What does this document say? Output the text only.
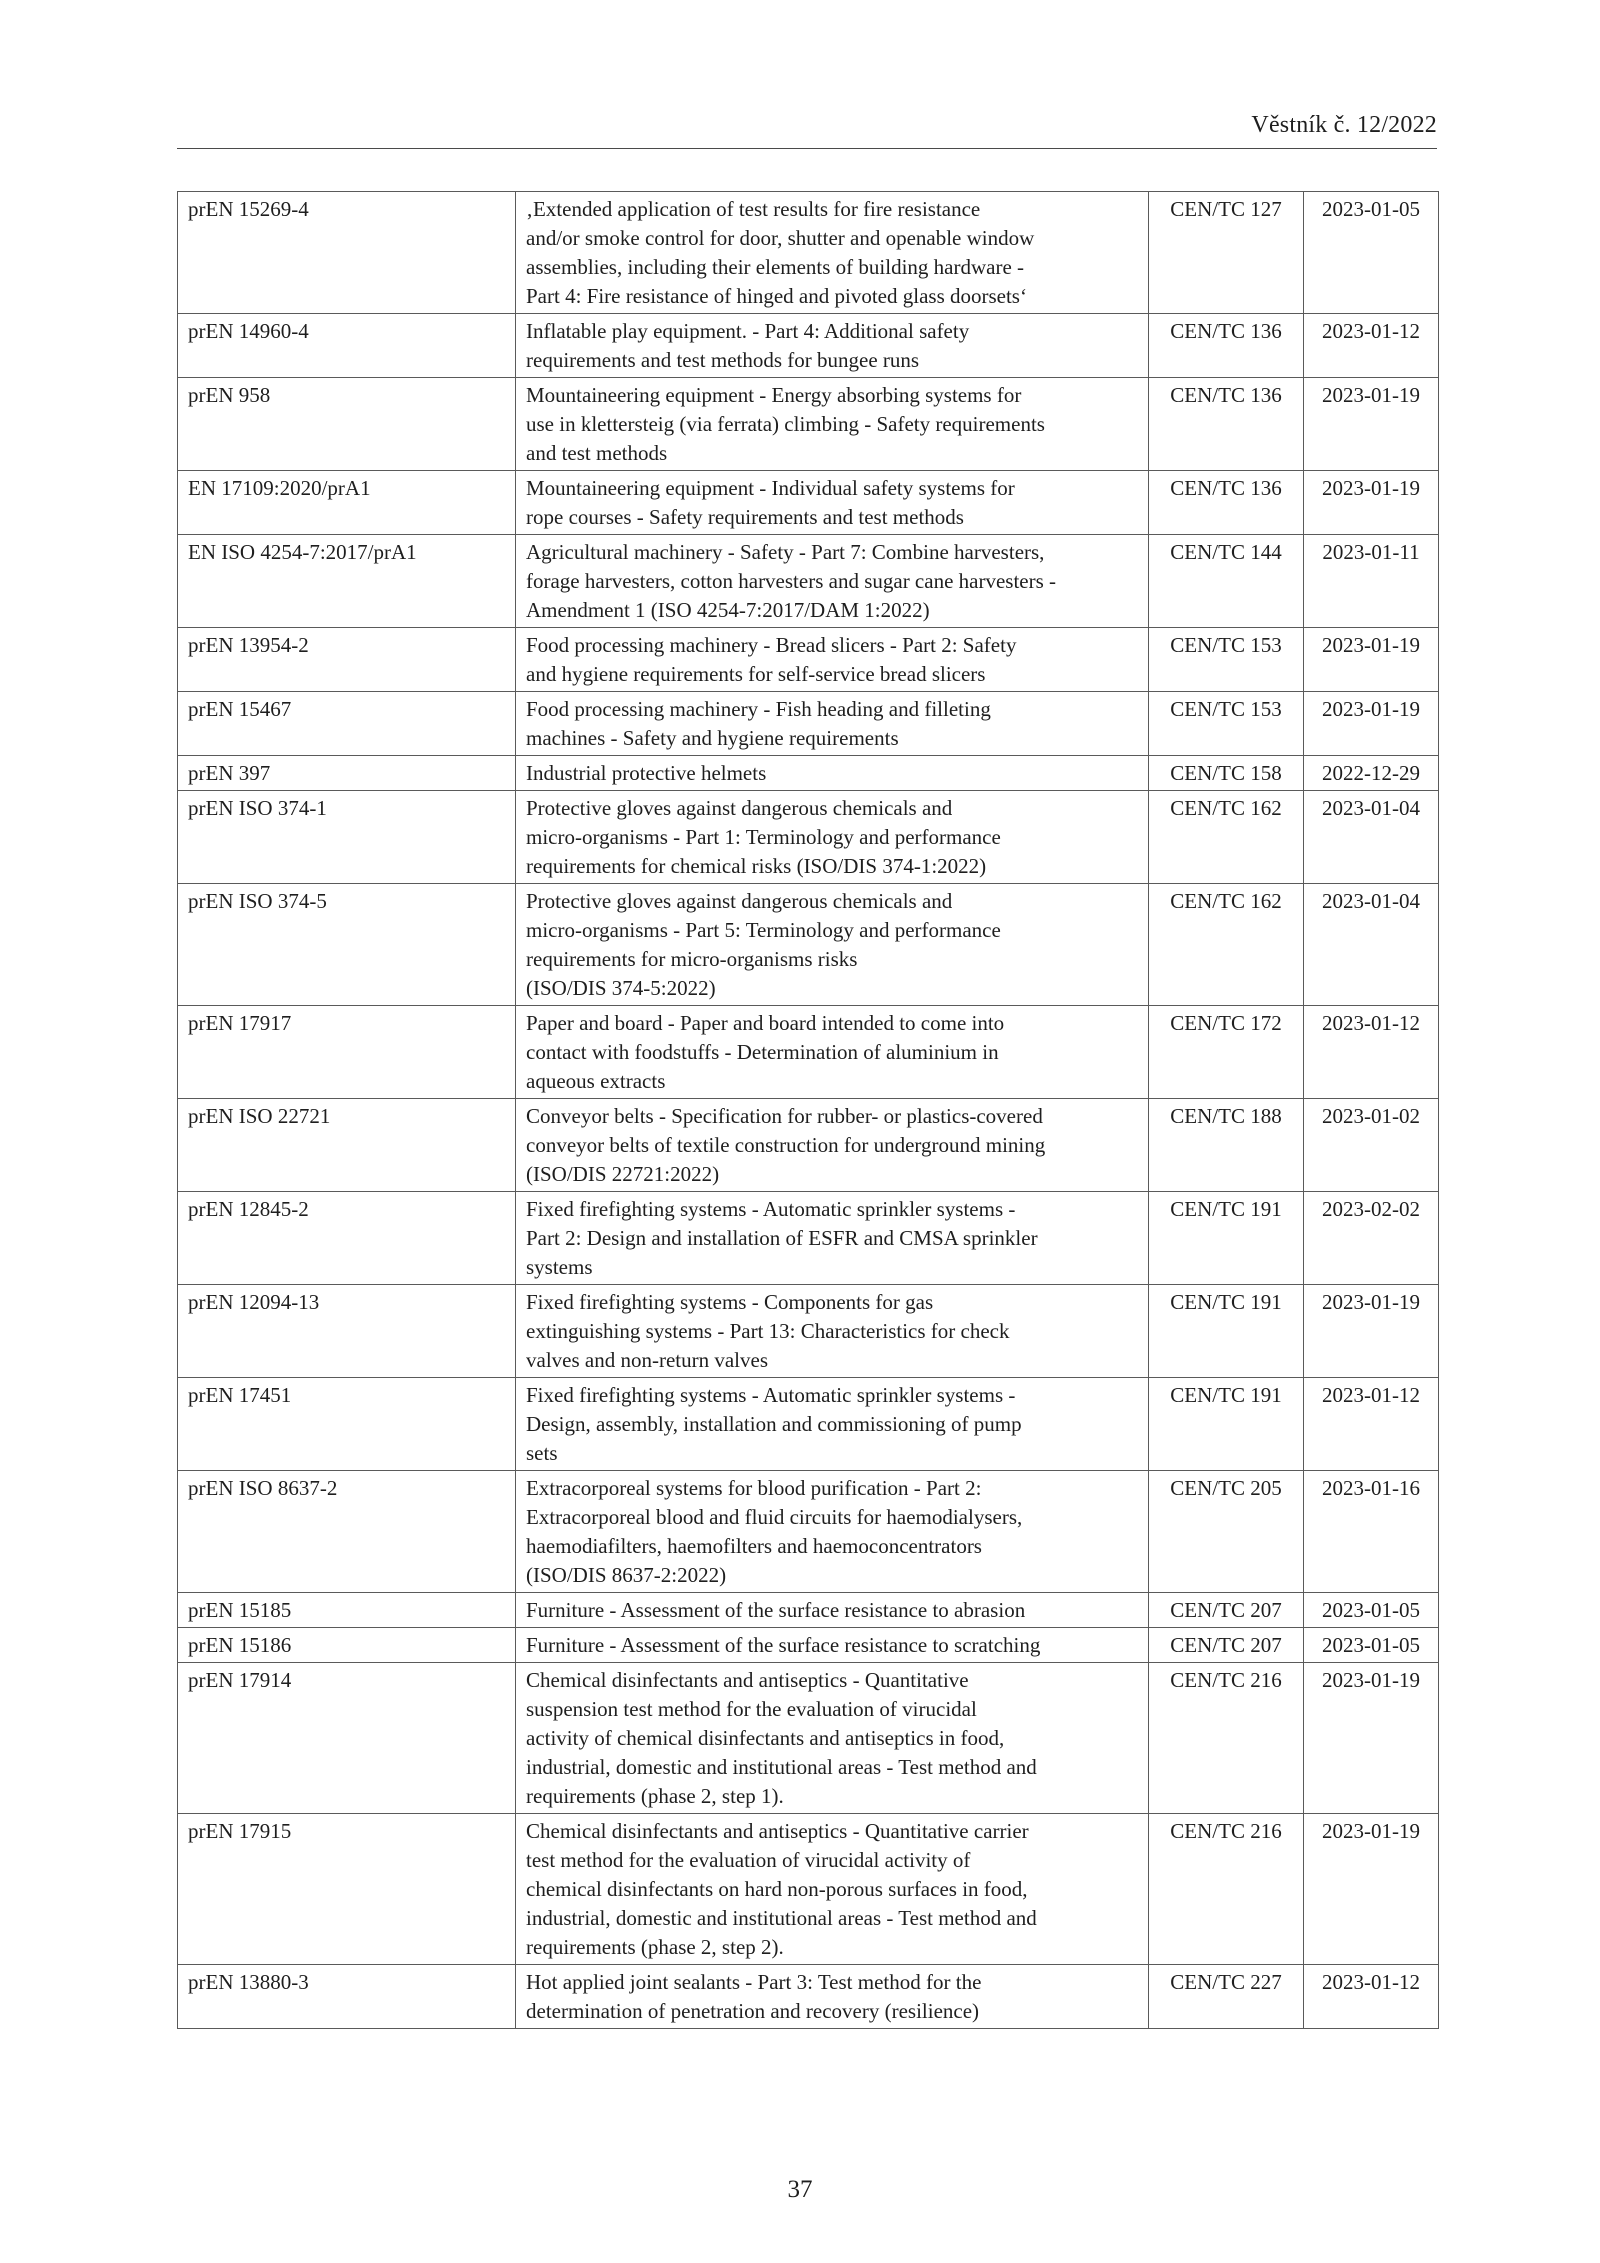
Věstník č. 12/2022
prEN 15269-4	‚Extended application of test results for fire resistance
and/or smoke control for door, shutter and openable window
assemblies, including their elements of building hardware -
Part 4: Fire resistance of hinged and pivoted glass doorsets‘	CEN/TC 127	2023-01-05
prEN 14960-4	Inflatable play equipment. - Part 4: Additional safety
requirements and test methods for bungee runs	CEN/TC 136	2023-01-12
prEN 958	Mountaineering equipment - Energy absorbing systems for
use in klettersteig (via ferrata) climbing - Safety requirements
and test methods	CEN/TC 136	2023-01-19
EN 17109:2020/prA1	Mountaineering equipment - Individual safety systems for
rope courses - Safety requirements and test methods	CEN/TC 136	2023-01-19
EN ISO 4254-7:2017/prA1	Agricultural machinery - Safety - Part 7: Combine harvesters,
forage harvesters, cotton harvesters and sugar cane harvesters -
Amendment 1 (ISO 4254-7:2017/DAM 1:2022)	CEN/TC 144	2023-01-11
prEN 13954-2	Food processing machinery - Bread slicers - Part 2: Safety
and hygiene requirements for self-service bread slicers	CEN/TC 153	2023-01-19
prEN 15467	Food processing machinery - Fish heading and filleting
machines - Safety and hygiene requirements	CEN/TC 153	2023-01-19
prEN 397	Industrial protective helmets	CEN/TC 158	2022-12-29
prEN ISO 374-1	Protective gloves against dangerous chemicals and
micro-organisms - Part 1: Terminology and performance
requirements for chemical risks (ISO/DIS 374-1:2022)	CEN/TC 162	2023-01-04
prEN ISO 374-5	Protective gloves against dangerous chemicals and
micro-organisms - Part 5: Terminology and performance
requirements for micro-organisms risks
(ISO/DIS 374-5:2022)	CEN/TC 162	2023-01-04
prEN 17917	Paper and board - Paper and board intended to come into
contact with foodstuffs - Determination of aluminium in
aqueous extracts	CEN/TC 172	2023-01-12
prEN ISO 22721	Conveyor belts - Specification for rubber- or plastics-covered
conveyor belts of textile construction for underground mining
(ISO/DIS 22721:2022)	CEN/TC 188	2023-01-02
prEN 12845-2	Fixed firefighting systems - Automatic sprinkler systems -
Part 2: Design and installation of ESFR and CMSA sprinkler
systems	CEN/TC 191	2023-02-02
prEN 12094-13	Fixed firefighting systems - Components for gas
extinguishing systems - Part 13: Characteristics for check
valves and non-return valves	CEN/TC 191	2023-01-19
prEN 17451	Fixed firefighting systems - Automatic sprinkler systems -
Design, assembly, installation and commissioning of pump
sets	CEN/TC 191	2023-01-12
prEN ISO 8637-2	Extracorporeal systems for blood purification - Part 2:
Extracorporeal blood and fluid circuits for haemodialysers,
haemodiafilters, haemofilters and haemoconcentrators
(ISO/DIS 8637-2:2022)	CEN/TC 205	2023-01-16
prEN 15185	Furniture - Assessment of the surface resistance to abrasion	CEN/TC 207	2023-01-05
prEN 15186	Furniture - Assessment of the surface resistance to scratching	CEN/TC 207	2023-01-05
prEN 17914	Chemical disinfectants and antiseptics - Quantitative
suspension test method for the evaluation of virucidal
activity of chemical disinfectants and antiseptics in food,
industrial, domestic and institutional areas - Test method and
requirements (phase 2, step 1).	CEN/TC 216	2023-01-19
prEN 17915	Chemical disinfectants and antiseptics - Quantitative carrier
test method for the evaluation of virucidal activity of
chemical disinfectants on hard non-porous surfaces in food,
industrial, domestic and institutional areas - Test method and
requirements (phase 2, step 2).	CEN/TC 216	2023-01-19
prEN 13880-3	Hot applied joint sealants - Part 3: Test method for the
determination of penetration and recovery (resilience)	CEN/TC 227	2023-01-12
37
